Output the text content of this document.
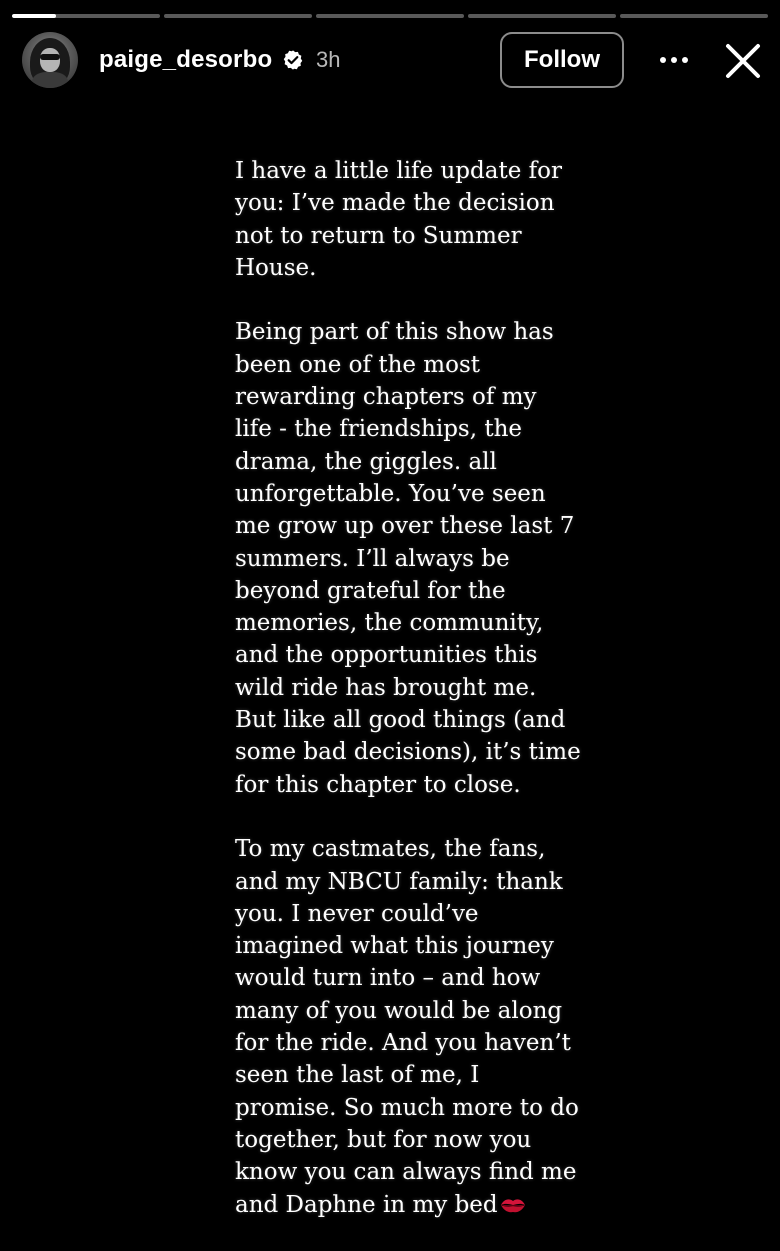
paige_desorbo 3h	Follow

I have a little life update for
you: I’ve made the decision
not to return to Summer
House.

Being part of this show has
been one of the most
rewarding chapters of my
life - the friendships, the
drama, the giggles. all
unforgettable. You’ve seen
me grow up over these last 7
summers. I’ll always be
beyond grateful for the
memories, the community,
and the opportunities this
wild ride has brought me.
But like all good things (and
some bad decisions), it’s time
for this chapter to close.

To my castmates, the fans,
and my NBCU family: thank
you. I never could’ve
imagined what this journey
would turn into – and how
many of you would be along
for the ride. And you haven’t
seen the last of me, I
promise. So much more to do
together, but for now you
know you can always find me
and Daphne in my bed
